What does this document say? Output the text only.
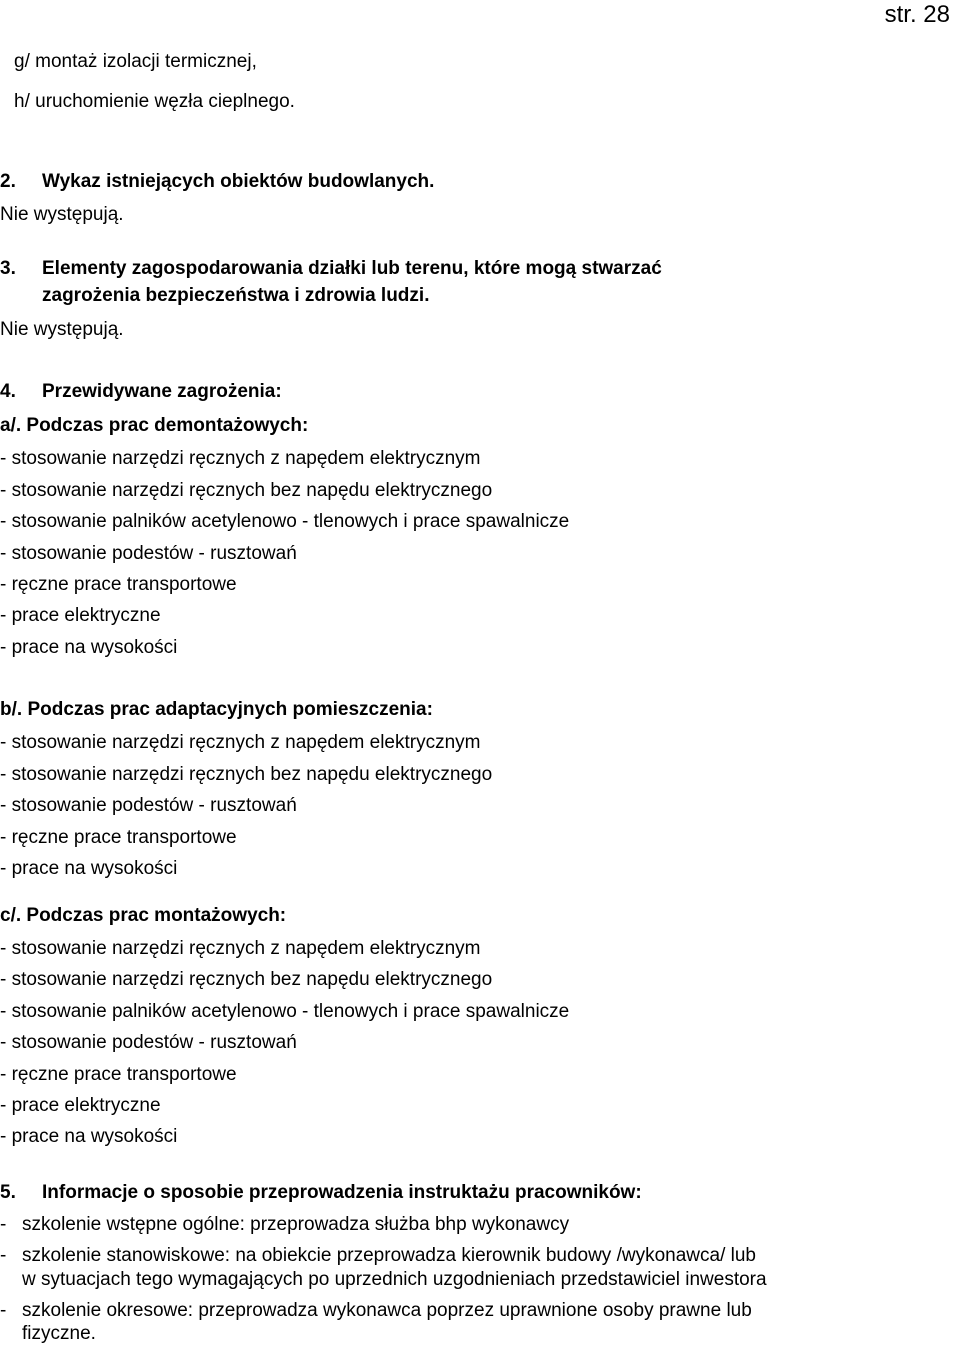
str. 28
g/ montaż izolacji termicznej,
h/ uruchomienie węzła cieplnego.
2. Wykaz istniejących obiektów budowlanych.
Nie występują.
3. Elementy zagospodarowania działki lub terenu, które mogą stwarzać
zagrożenia bezpieczeństwa i zdrowia ludzi.
Nie występują.
4. Przewidywane zagrożenia:
a/. Podczas prac demontażowych:
- stosowanie narzędzi ręcznych z napędem elektrycznym
- stosowanie narzędzi ręcznych bez napędu elektrycznego
- stosowanie palników acetylenowo - tlenowych i prace spawalnicze
- stosowanie podestów - rusztowań
- ręczne prace transportowe
- prace elektryczne
- prace na wysokości
b/. Podczas prac adaptacyjnych pomieszczenia:
- stosowanie narzędzi ręcznych z napędem elektrycznym
- stosowanie narzędzi ręcznych bez napędu elektrycznego
- stosowanie podestów - rusztowań
- ręczne prace transportowe
- prace na wysokości
c/. Podczas prac montażowych:
- stosowanie narzędzi ręcznych z napędem elektrycznym
- stosowanie narzędzi ręcznych bez napędu elektrycznego
- stosowanie palników acetylenowo - tlenowych i prace spawalnicze
- stosowanie podestów - rusztowań
- ręczne prace transportowe
- prace elektryczne
- prace na wysokości
5. Informacje o sposobie przeprowadzenia instruktażu pracowników:
- szkolenie wstępne ogólne: przeprowadza służba bhp wykonawcy
- szkolenie stanowiskowe: na obiekcie przeprowadza kierownik budowy /wykonawca/ lub
w sytuacjach tego wymagających po uprzednich uzgodnieniach przedstawiciel inwestora
- szkolenie okresowe: przeprowadza wykonawca poprzez uprawnione osoby prawne lub
fizyczne.
